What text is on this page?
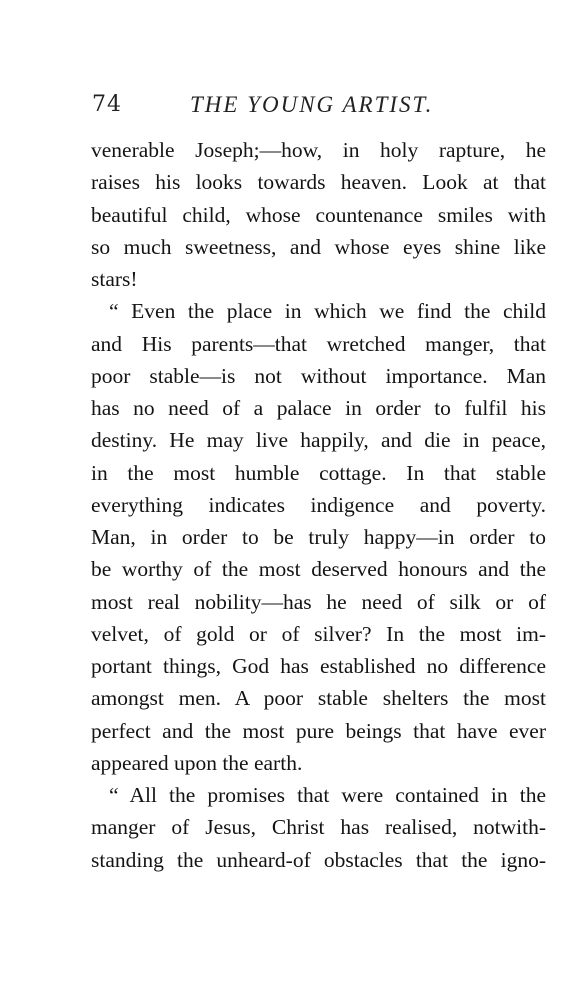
74	THE YOUNG ARTIST.
venerable Joseph;—how, in holy rapture, he
raises his looks towards heaven. Look at that
beautiful child, whose countenance smiles with
so much sweetness, and whose eyes shine like
stars!
“ Even the place in which we find the child
and His parents—that wretched manger, that
poor stable—is not without importance. Man
has no need of a palace in order to fulfil his
destiny. He may live happily, and die in peace,
in the most humble cottage. In that stable
everything indicates indigence and poverty.
Man, in order to be truly happy—in order to
be worthy of the most deserved honours and the
most real nobility—has he need of silk or of
velvet, of gold or of silver? In the most im-
portant things, God has established no difference
amongst men. A poor stable shelters the most
perfect and the most pure beings that have ever
appeared upon the earth.
“ All the promises that were contained in the
manger of Jesus, Christ has realised, notwith-
standing the unheard-of obstacles that the igno-
